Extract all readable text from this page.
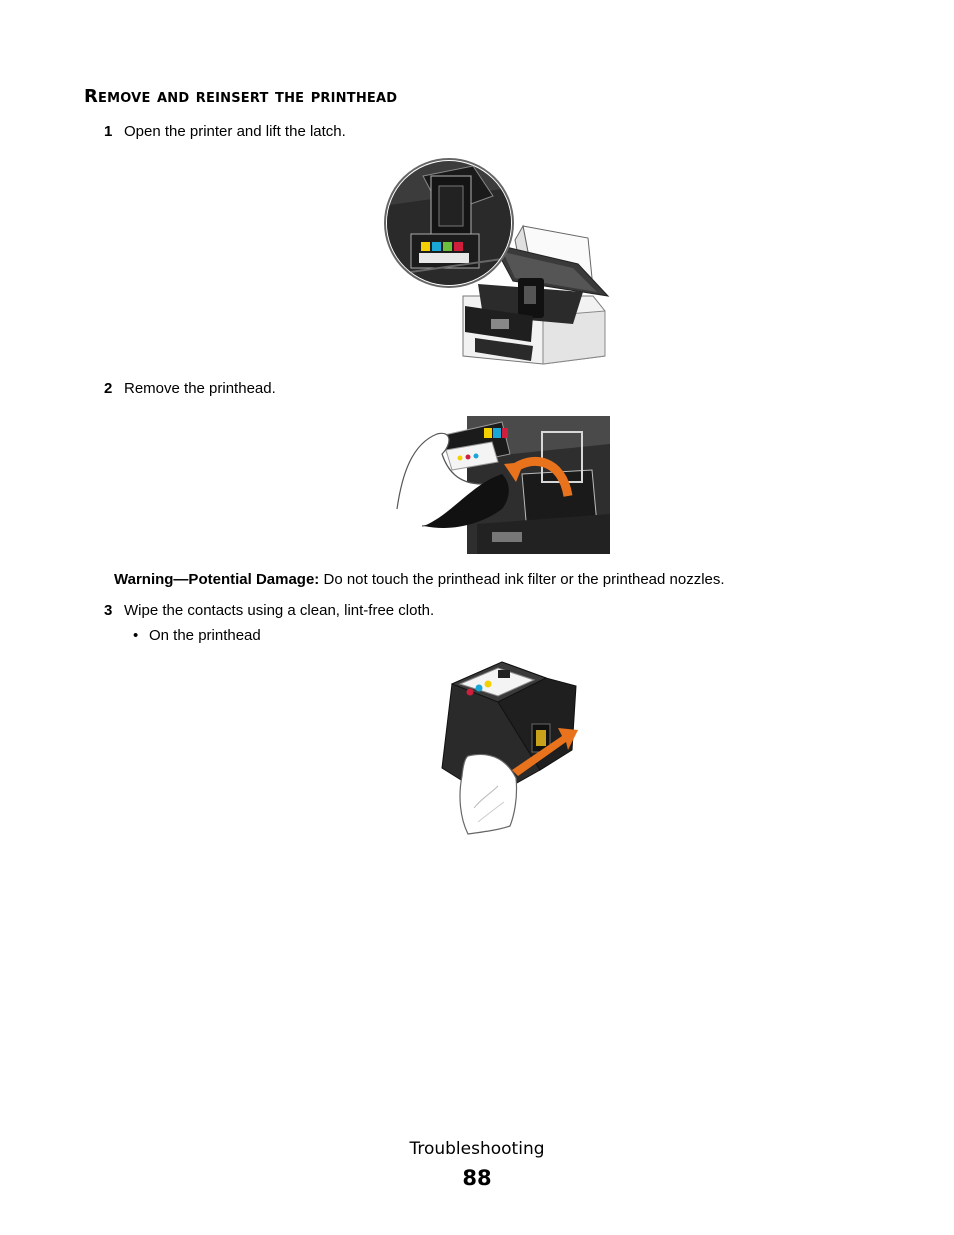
Remove and reinsert the printhead
1 Open the printer and lift the latch.
2 Remove the printhead.
Warning—Potential Damage: Do not touch the printhead ink filter or the printhead nozzles.
3 Wipe the contacts using a clean, lint-free cloth.
• On the printhead
Troubleshooting
88
